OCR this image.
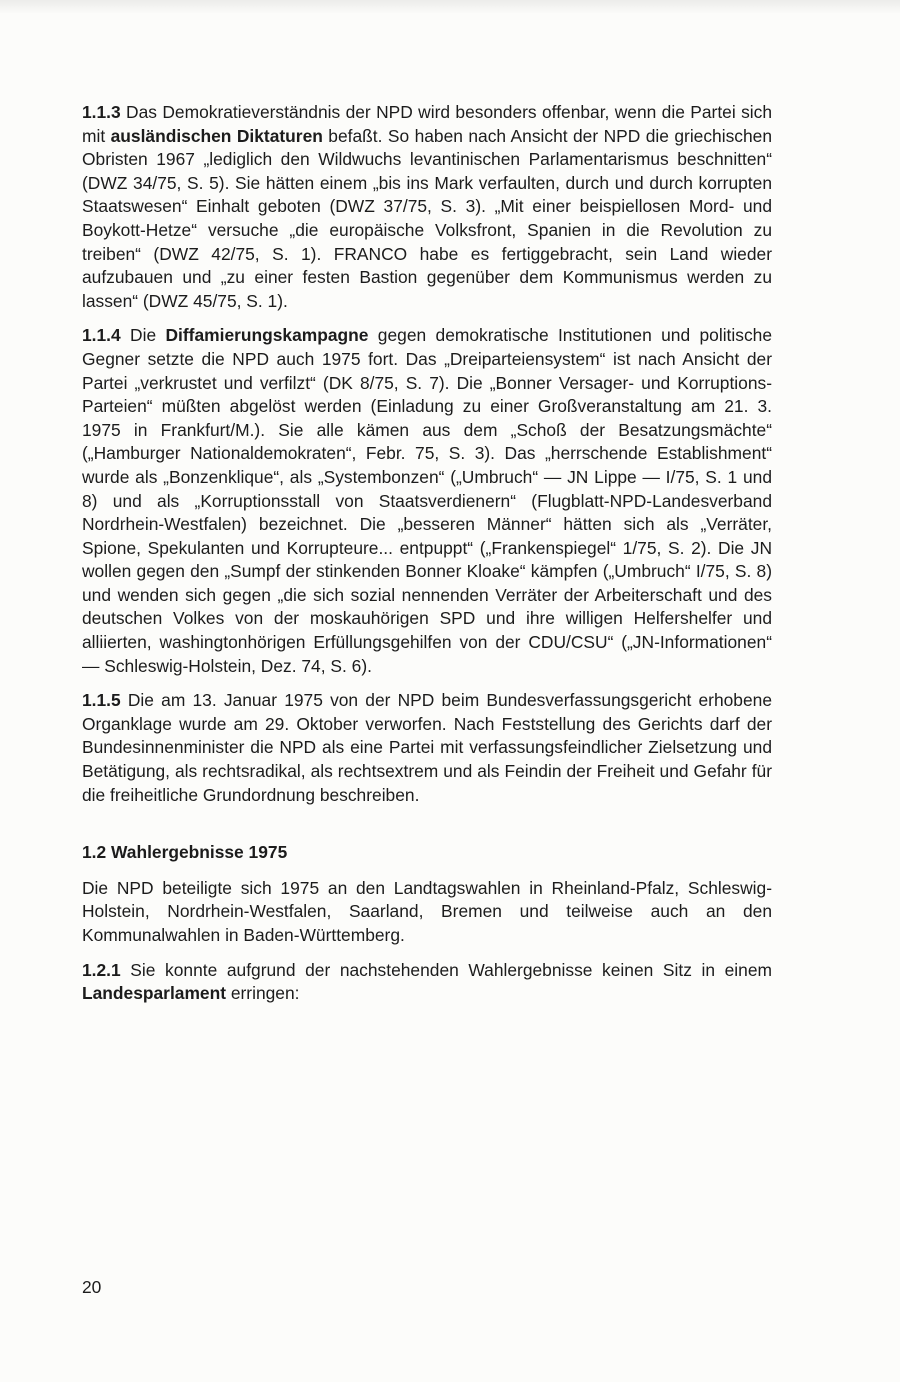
1.1.3 Das Demokratieverständnis der NPD wird besonders offenbar, wenn die Partei sich mit ausländischen Diktaturen befaßt. So haben nach Ansicht der NPD die griechischen Obristen 1967 „lediglich den Wildwuchs levantinischen Parlamentarismus beschnitten“ (DWZ 34/75, S. 5). Sie hätten einem „bis ins Mark verfaulten, durch und durch korrupten Staatswesen“ Einhalt geboten (DWZ 37/75, S. 3). „Mit einer beispiellosen Mord- und Boykott-Hetze“ versuche „die europäische Volksfront, Spanien in die Revolution zu treiben“ (DWZ 42/75, S. 1). FRANCO habe es fertiggebracht, sein Land wieder aufzubauen und „zu einer festen Bastion gegenüber dem Kommunismus werden zu lassen“ (DWZ 45/75, S. 1).

1.1.4 Die Diffamierungskampagne gegen demokratische Institutionen und politische Gegner setzte die NPD auch 1975 fort. Das „Dreiparteiensystem“ ist nach Ansicht der Partei „verkrustet und verfilzt“ (DK 8/75, S. 7). Die „Bonner Versager- und Korruptions-Parteien“ müßten abgelöst werden (Einladung zu einer Großveranstaltung am 21. 3. 1975 in Frankfurt/M.). Sie alle kämen aus dem „Schoß der Besatzungsmächte“ („Hamburger Nationaldemokraten“, Febr. 75, S. 3). Das „herrschende Establishment“ wurde als „Bonzenklique“, als „Systembonzen“ („Umbruch“ — JN Lippe — I/75, S. 1 und 8) und als „Korruptionsstall von Staatsverdienern“ (Flugblatt-NPD-Landesverband Nordrhein-Westfalen) bezeichnet. Die „besseren Männer“ hätten sich als „Verräter, Spione, Spekulanten und Korrupteure... entpuppt“ („Frankenspiegel“ 1/75, S. 2). Die JN wollen gegen den „Sumpf der stinkenden Bonner Kloake“ kämpfen („Umbruch“ I/75, S. 8) und wenden sich gegen „die sich sozial nennenden Verräter der Arbeiterschaft und des deutschen Volkes von der moskauhörigen SPD und ihre willigen Helfershelfer und alliierten, washingtonhörigen Erfüllungsgehilfen von der CDU/CSU“ („JN-Informationen“ — Schleswig-Holstein, Dez. 74, S. 6).

1.1.5 Die am 13. Januar 1975 von der NPD beim Bundesverfassungsgericht erhobene Organklage wurde am 29. Oktober verworfen. Nach Feststellung des Gerichts darf der Bundesinnenminister die NPD als eine Partei mit verfassungsfeindlicher Zielsetzung und Betätigung, als rechtsradikal, als rechtsextrem und als Feindin der Freiheit und Gefahr für die freiheitliche Grundordnung beschreiben.

1.2 Wahlergebnisse 1975

Die NPD beteiligte sich 1975 an den Landtagswahlen in Rheinland-Pfalz, Schleswig-Holstein, Nordrhein-Westfalen, Saarland, Bremen und teilweise auch an den Kommunalwahlen in Baden-Württemberg.

1.2.1 Sie konnte aufgrund der nachstehenden Wahlergebnisse keinen Sitz in einem Landesparlament erringen:

20
